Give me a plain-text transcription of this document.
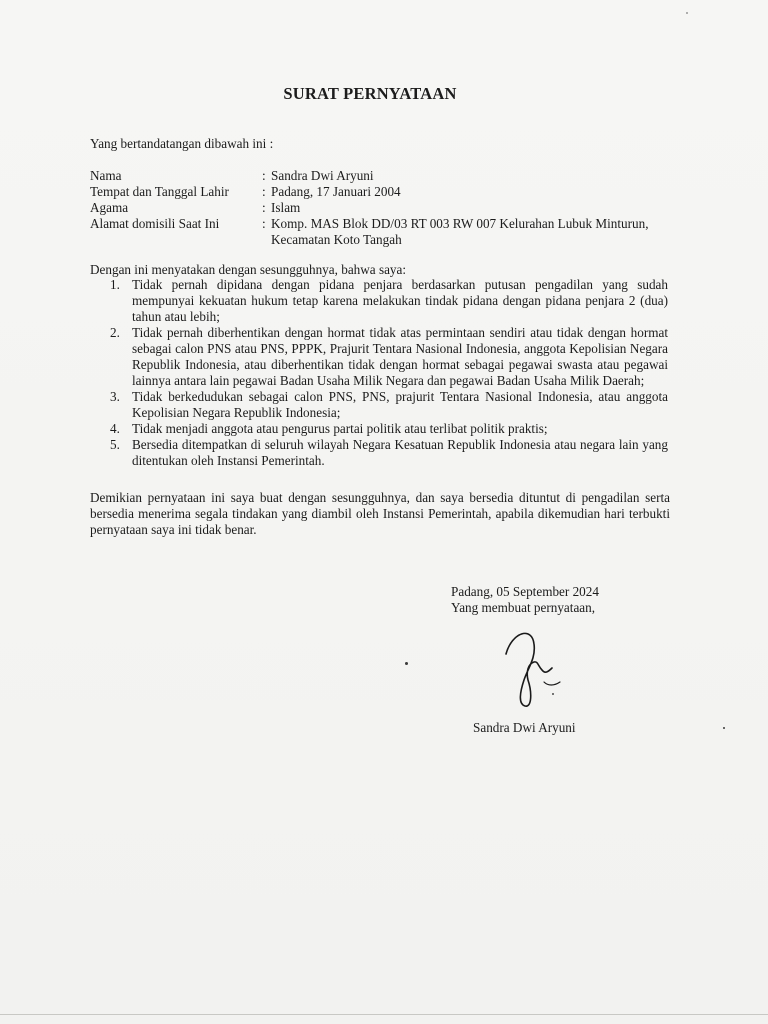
SURAT PERNYATAAN
Yang bertandatangan dibawah ini :
Nama	: Sandra Dwi Aryuni
Tempat dan Tanggal Lahir	: Padang, 17 Januari 2004
Agama	: Islam
Alamat domisili Saat Ini	: Komp. MAS Blok DD/03 RT 003 RW 007 Kelurahan Lubuk Minturun, Kecamatan Koto Tangah
Dengan ini menyatakan dengan sesungguhnya, bahwa saya:
1. Tidak pernah dipidana dengan pidana penjara berdasarkan putusan pengadilan yang sudah mempunyai kekuatan hukum tetap karena melakukan tindak pidana dengan pidana penjara 2 (dua) tahun atau lebih;
2. Tidak pernah diberhentikan dengan hormat tidak atas permintaan sendiri atau tidak dengan hormat sebagai calon PNS atau PNS, PPPK, Prajurit Tentara Nasional Indonesia, anggota Kepolisian Negara Republik Indonesia, atau diberhentikan tidak dengan hormat sebagai pegawai swasta atau pegawai lainnya antara lain pegawai Badan Usaha Milik Negara dan pegawai Badan Usaha Milik Daerah;
3. Tidak berkedudukan sebagai calon PNS, PNS, prajurit Tentara Nasional Indonesia, atau anggota Kepolisian Negara Republik Indonesia;
4. Tidak menjadi anggota atau pengurus partai politik atau terlibat politik praktis;
5. Bersedia ditempatkan di seluruh wilayah Negara Kesatuan Republik Indonesia atau negara lain yang ditentukan oleh Instansi Pemerintah.
Demikian pernyataan ini saya buat dengan sesungguhnya, dan saya bersedia dituntut di pengadilan serta bersedia menerima segala tindakan yang diambil oleh Instansi Pemerintah, apabila dikemudian hari terbukti pernyataan saya ini tidak benar.
Padang, 05 September 2024
Yang membuat pernyataan,
Sandra Dwi Aryuni
